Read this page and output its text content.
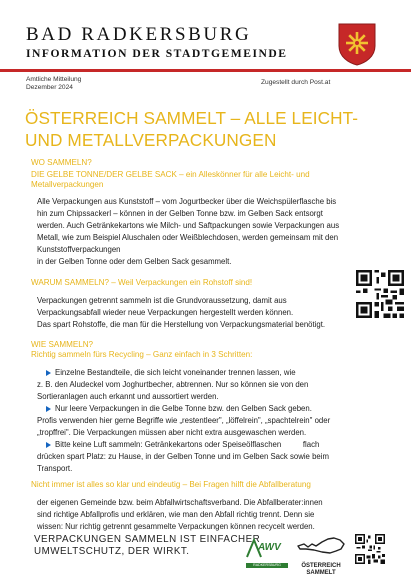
BAD RADKERSBURG
INFORMATION DER STADTGEMEINDE
Amtliche Mitteilung
Dezember 2024
Zugestellt durch Post.at
ÖSTERREICH SAMMELT – ALLE LEICHT-
UND METALLVERPACKUNGEN
WO SAMMELN?
DIE GELBE TONNE/DER GELBE SACK – ein Alleskönner für alle Leicht- und
Metallverpackungen
Alle Verpackungen aus Kunststoff – vom Jogurtbecker über die Weichspülerflasche bis
hin zum Chipssackerl – können in der Gelben Tonne bzw. im Gelben Sack entsorgt
werden. Auch Getränkekartons wie Milch- und Saftpackungen sowie Verpackungen aus
Metall, wie zum Beispiel Aluschalen oder Weißblechdosen, werden gemeinsam mit den
Kunststoffverpackungen
in der Gelben Tonne oder dem Gelben Sack gesammelt.
WARUM SAMMELN? – Weil Verpackungen ein Rohstoff sind!
Verpackungen getrennt sammeln ist die Grundvoraussetzung, damit aus
Verpackungsabfall wieder neue Verpackungen hergestellt werden können.
Das spart Rohstoffe, die man für die Herstellung von Verpackungsmaterial benötigt.
WIE SAMMELN?
Richtig sammeln fürs Recycling – Ganz einfach in 3 Schritten:
Einzelne Bestandteile, die sich leicht voneinander trennen lassen, wie
z. B. den Aludeckel vom Joghurtbecher, abtrennen. Nur so können sie von den
Sortieranlagen auch erkannt und aussortiert werden.
Nur leere Verpackungen in die Gelbe Tonne bzw. den Gelben Sack geben.
Profis verwenden hier gerne Begriffe wie „restentleer", „löffelrein", „spachtelrein" oder
„tropffrei". Die Verpackungen müssen aber nicht extra ausgewaschen werden.
Bitte keine Luft sammeln: Getränkekartons oder Speiseölflaschen          flach
drücken spart Platz: zu Hause, in der Gelben Tonne und im Gelben Sack sowie beim
Transport.
Nicht immer ist alles so klar und eindeutig – Bei Fragen hilft die Abfallberatung
der eigenen Gemeinde bzw. beim Abfallwirtschaftsverband. Die Abfallberater:innen
sind richtige Abfallprofis und erklären, wie man den Abfall richtig trennt. Denn sie
wissen: Nur richtig getrennt gesammelte Verpackungen können recycelt werden.
VERPACKUNGEN SAMMELN IST EINFACHER
UMWELTSCHUTZ, DER WIRKT.	AWV
RADKERSBURG	ÖSTERREICH
SAMMELT
